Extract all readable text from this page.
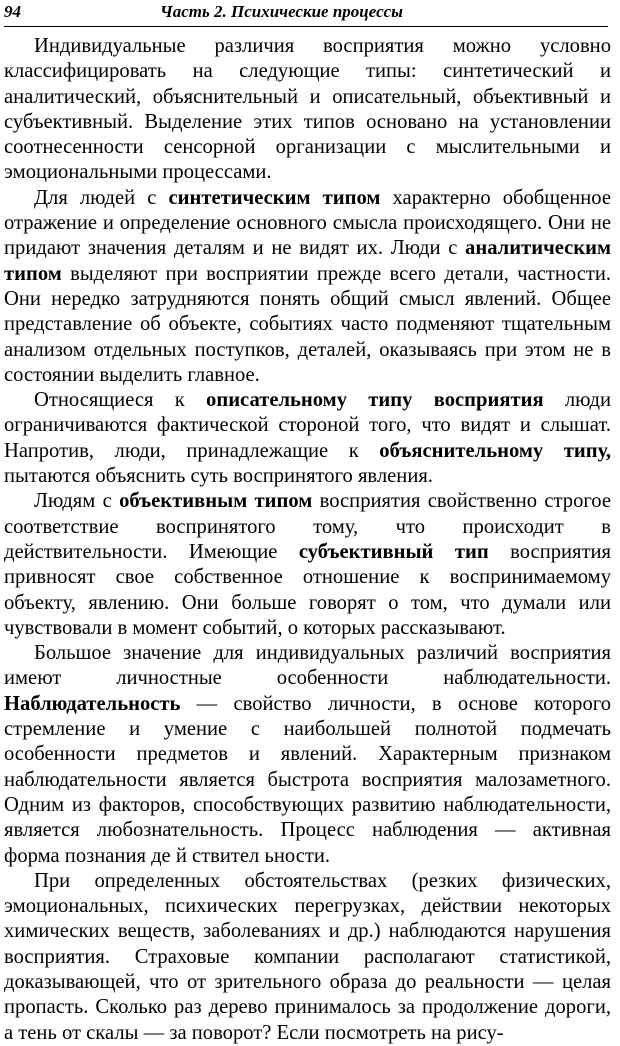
94	Часть 2. Психические процессы

Индивидуальные различия восприятия можно условно классифицировать на следующие типы: синтетический и аналитический, объяснительный и описательный, объективный и субъективный. Выделение этих типов основано на установлении соотнесенности сенсорной организации с мыслительными и эмоциональными процессами.

Для людей с синтетическим типом характерно обобщенное отражение и определение основного смысла происходящего. Они не придают значения деталям и не видят их. Люди с аналитическим типом выделяют при восприятии прежде всего детали, частности. Они нередко затрудняются понять общий смысл явлений. Общее представление об объекте, событиях часто подменяют тщательным анализом отдельных поступков, деталей, оказываясь при этом не в состоянии выделить главное.

Относящиеся к описательному типу восприятия люди ограничиваются фактической стороной того, что видят и слышат. Напротив, люди, принадлежащие к объяснительному типу, пытаются объяснить суть воспринятого явления.

Людям с объективным типом восприятия свойственно строгое соответствие воспринятого тому, что происходит в действительности. Имеющие субъективный тип восприятия привносят свое собственное отношение к воспринимаемому объекту, явлению. Они больше говорят о том, что думали или чувствовали в момент событий, о которых рассказывают.

Большое значение для индивидуальных различий восприятия имеют личностные особенности наблюдательности. Наблюдательность — свойство личности, в основе которого стремление и умение с наибольшей полнотой подмечать особенности предметов и явлений. Характерным признаком наблюдательности является быстрота восприятия малозаметного. Одним из факторов, способствующих развитию наблюдательности, является любознательность. Процесс наблюдения — активная форма познания де й ствител ьности.

При определенных обстоятельствах (резких физических, эмоциональных, психических перегрузках, действии некоторых химических веществ, заболеваниях и др.) наблюдаются нарушения восприятия. Страховые компании располагают статистикой, доказывающей, что от зрительного образа до реальности — целая пропасть. Сколько раз дерево принималось за продолжение дороги, а тень от скалы — за поворот? Если посмотреть на рису-
